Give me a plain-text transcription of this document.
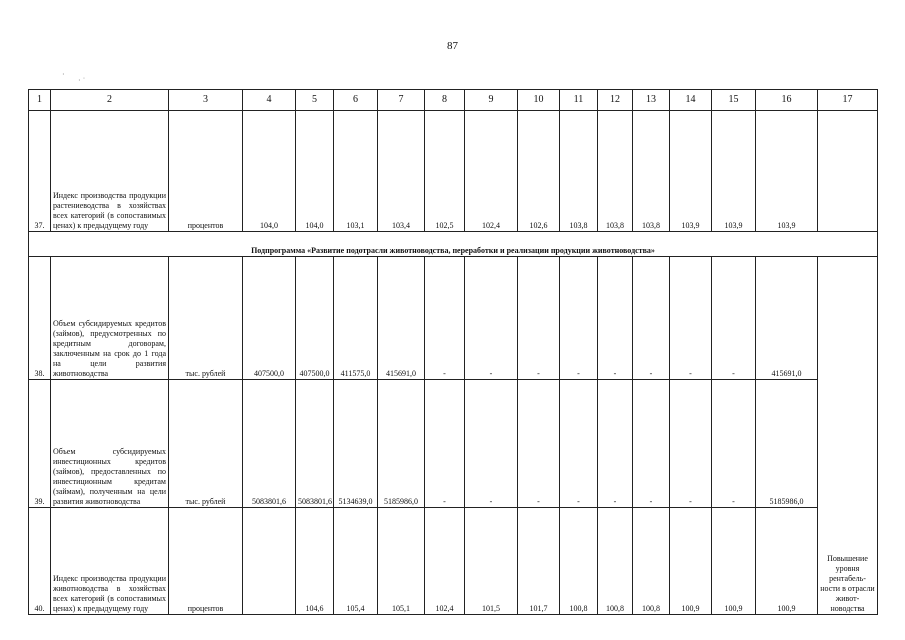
87
·
· ˙
1	2	3	4	5	6	7	8	9	10	11	12	13	14	15	16	17
37.	Индекс производства продукции растениеводства в хозяйствах всех категорий (в сопоставимых ценах) к предыдущему году	процентов	104,0	104,0	103,1	103,4	102,5	102,4	102,6	103,8	103,8	103,8	103,9	103,9	103,9	
Подпрограмма «Развитие подотрасли животноводства, переработки и реализации продукции животноводства»																
38.	Объем субсидируемых кредитов (займов), предусмотренных по кредитным договорам, заключенным на срок до 1 года на цели развития животноводства	тыс. рублей	407500,0	407500,0	411575,0	415691,0	-	-	-	-	-	-	-	-	415691,0	Повышение уровня рентабель-ности в отрасли живот-новодства
39.	Объем субсидируемых инвестиционных кредитов (займов), предоставленных по инвестиционным кредитам (займам), полученным на цели развития животноводства	тыс. рублей	5083801,6	5083801,6	5134639,0	5185986,0	-	-	-	-	-	-	-	-	5185986,0	
40.	Индекс производства продукции животноводства в хозяйствах всех категорий (в сопоставимых ценах) к предыдущему году	процентов		104,6	105,4	105,1	102,4	101,5	101,7	100,8	100,8	100,8	100,9	100,9	100,9	
